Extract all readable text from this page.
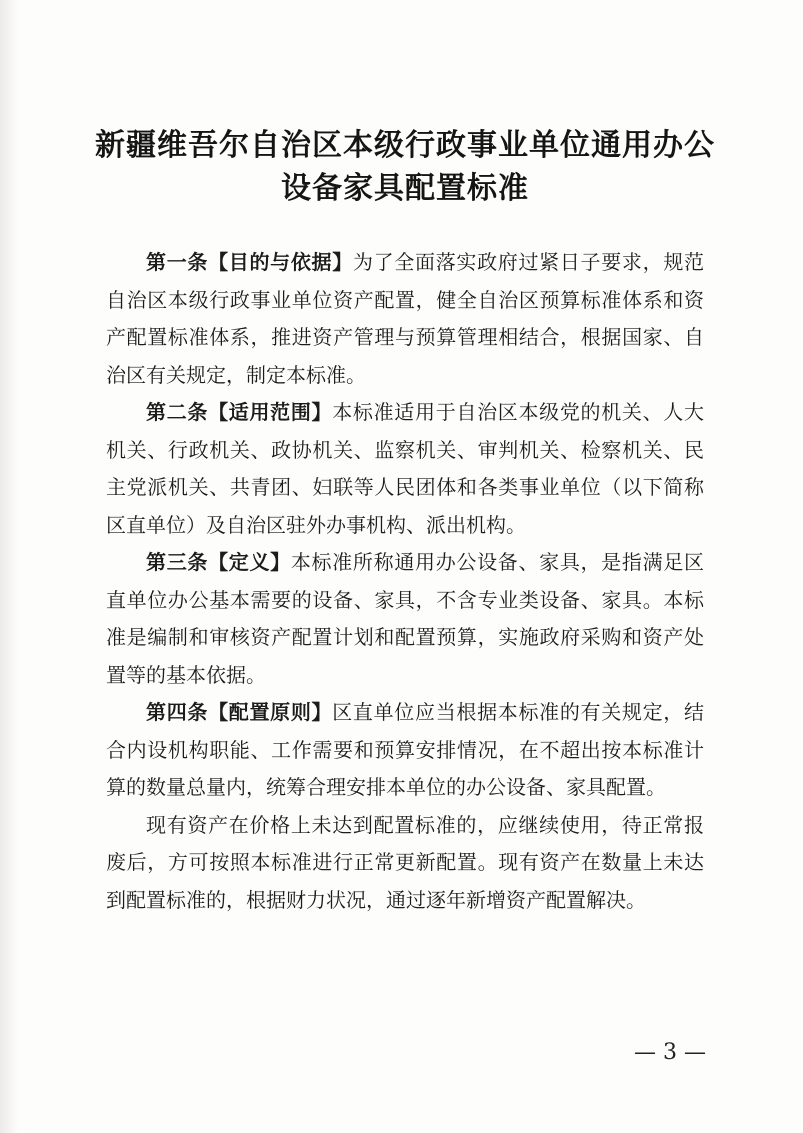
新疆维吾尔自治区本级行政事业单位通用办公
设备家具配置标准

第一条【目的与依据】为了全面落实政府过紧日子要求，规范自治区本级行政事业单位资产配置，健全自治区预算标准体系和资产配置标准体系，推进资产管理与预算管理相结合，根据国家、自治区有关规定，制定本标准。

第二条【适用范围】本标准适用于自治区本级党的机关、人大机关、行政机关、政协机关、监察机关、审判机关、检察机关、民主党派机关、共青团、妇联等人民团体和各类事业单位（以下简称区直单位）及自治区驻外办事机构、派出机构。

第三条【定义】本标准所称通用办公设备、家具，是指满足区直单位办公基本需要的设备、家具，不含专业类设备、家具。本标准是编制和审核资产配置计划和配置预算，实施政府采购和资产处置等的基本依据。

第四条【配置原则】区直单位应当根据本标准的有关规定，结合内设机构职能、工作需要和预算安排情况，在不超出按本标准计算的数量总量内，统筹合理安排本单位的办公设备、家具配置。

现有资产在价格上未达到配置标准的，应继续使用，待正常报废后，方可按照本标准进行正常更新配置。现有资产在数量上未达到配置标准的，根据财力状况，通过逐年新增资产配置解决。

— 3 —
